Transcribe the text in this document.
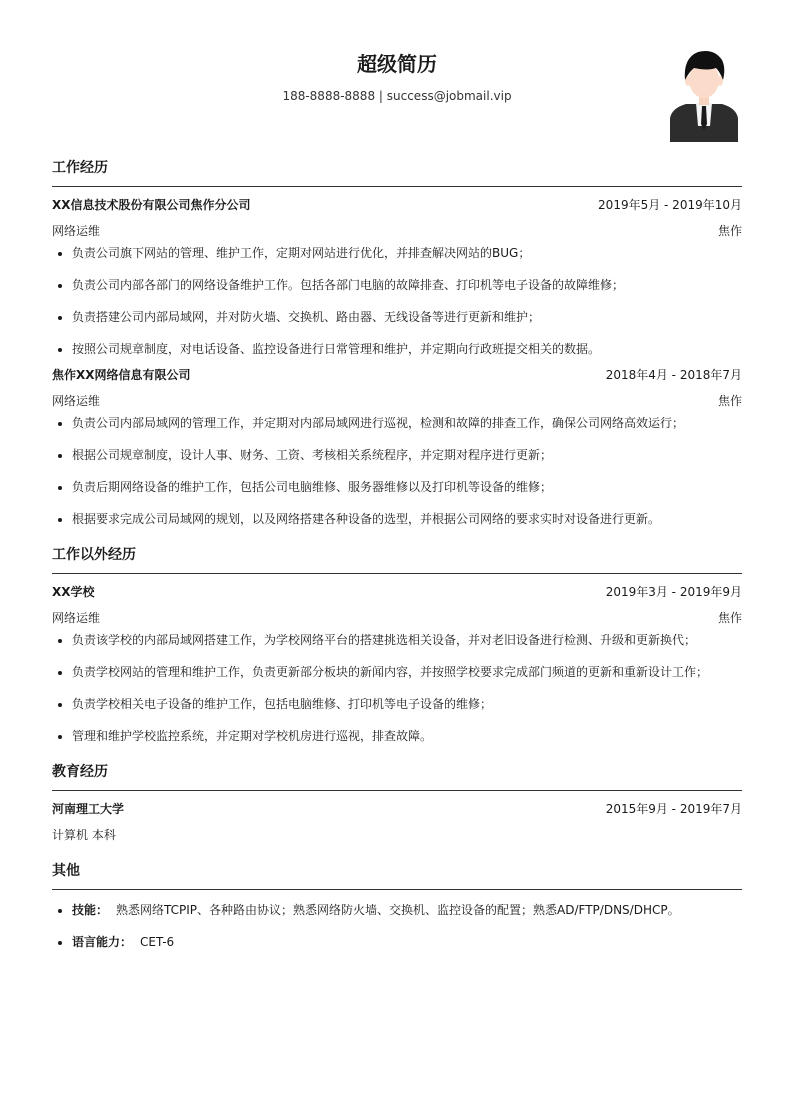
超级简历
188-8888-8888 | success@jobmail.vip
工作经历
XX信息技术股份有限公司焦作分公司	2019年5月 - 2019年10月
网络运维	焦作
• 负责公司旗下网站的管理、维护工作，定期对网站进行优化，并排查解决网站的BUG；
• 负责公司内部各部门的网络设备维护工作。包括各部门电脑的故障排查、打印机等电子设备的故障维修；
• 负责搭建公司内部局域网，并对防火墙、交换机、路由器、无线设备等进行更新和维护；
• 按照公司规章制度，对电话设备、监控设备进行日常管理和维护，并定期向行政班提交相关的数据。
焦作XX网络信息有限公司	2018年4月 - 2018年7月
网络运维	焦作
• 负责公司内部局域网的管理工作，并定期对内部局域网进行巡视，检测和故障的排查工作，确保公司网络高效运行；
• 根据公司规章制度，设计人事、财务、工资、考核相关系统程序，并定期对程序进行更新；
• 负责后期网络设备的维护工作，包括公司电脑维修、服务器维修以及打印机等设备的维修；
• 根据要求完成公司局域网的规划，以及网络搭建各种设备的选型，并根据公司网络的要求实时对设备进行更新。
工作以外经历
XX学校	2019年3月 - 2019年9月
网络运维	焦作
• 负责该学校的内部局域网搭建工作，为学校网络平台的搭建挑选相关设备，并对老旧设备进行检测、升级和更新换代；
• 负责学校网站的管理和维护工作，负责更新部分板块的新闻内容，并按照学校要求完成部门频道的更新和重新设计工作；
• 负责学校相关电子设备的维护工作，包括电脑维修、打印机等电子设备的维修；
• 管理和维护学校监控系统，并定期对学校机房进行巡视，排查故障。
教育经历
河南理工大学	2015年9月 - 2019年7月
计算机 本科
其他
• 技能： 熟悉网络TCPIP、各种路由协议；熟悉网络防火墙、交换机、监控设备的配置；熟悉AD/FTP/DNS/DHCP。
• 语言能力： CET-6
